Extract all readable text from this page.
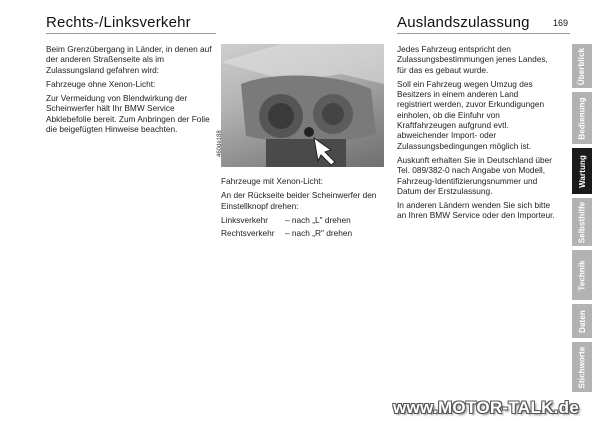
Rechts-/Linksverkehr	Auslandszulassung	169

Beim Grenzübergang in Länder, in denen auf der anderen Straßenseite als im Zulassungsland gefahren wird:

Fahrzeuge ohne Xenon-Licht:

Zur Vermeidung von Blendwirkung der Scheinwerfer hält Ihr BMW Service Abklebefolie bereit. Zum Anbringen der Folie die beigefügten Hinweise beachten.

460de188

Fahrzeuge mit Xenon-Licht:

An der Rückseite beider Scheinwerfer den Einstellknopf drehen:

Linksverkehr	– nach „L" drehen
Rechtsverkehr	– nach „R" drehen

Jedes Fahrzeug entspricht den Zulassungsbestimmungen jenes Landes, für das es gebaut wurde.

Soll ein Fahrzeug wegen Umzug des Besitzers in einem anderen Land registriert werden, zuvor Erkundigungen einholen, ob die Einfuhr von Kraftfahrzeugen aufgrund evtl. abweichender Import- oder Zulassungsbedingungen möglich ist.

Auskunft erhalten Sie in Deutschland über Tel. 089/382-0 nach Angabe von Modell, Fahrzeug-Identifizierungsnummer und Datum der Erstzulassung.

In anderen Ländern wenden Sie sich bitte an Ihren BMW Service oder den Importeur.

Überblick
Bedienung
Wartung
Selbsthilfe
Technik
Daten
Stichworte
www.MOTOR-TALK.de
